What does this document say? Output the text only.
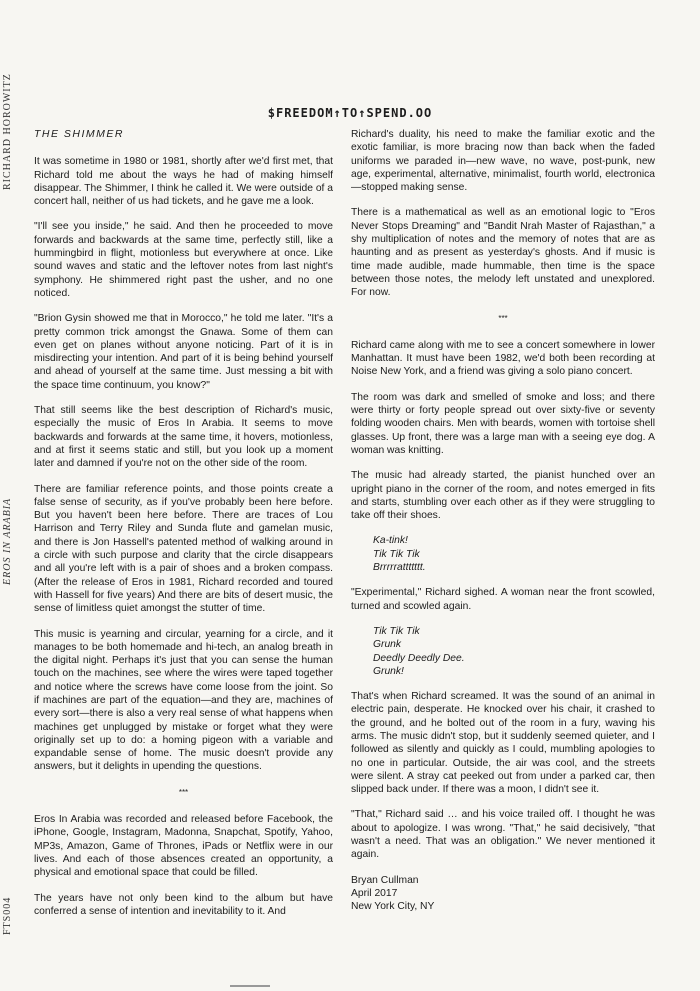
RICHARD HOROWITZ
EROS IN ARABIA
FTS004
$FREEDOM↑TO↑SPEND.OO
THE SHIMMER

It was sometime in 1980 or 1981, shortly after we'd first met, that Richard told me about the ways he had of making himself disappear. The Shimmer, I think he called it. We were outside of a concert hall, neither of us had tickets, and he gave me a look.

"I'll see you inside," he said. And then he proceeded to move forwards and backwards at the same time, perfectly still, like a hummingbird in flight, motionless but everywhere at once. Like sound waves and static and the leftover notes from last night's symphony. He shimmered right past the usher, and no one noticed.

"Brion Gysin showed me that in Morocco," he told me later. "It's a pretty common trick amongst the Gnawa. Some of them can even get on planes without anyone noticing. Part of it is in misdirecting your intention. And part of it is being behind yourself and ahead of yourself at the same time. Just messing a bit with the space time continuum, you know?"

That still seems like the best description of Richard's music, especially the music of Eros In Arabia. It seems to move backwards and forwards at the same time, it hovers, motionless, and at first it seems static and still, but you look up a moment later and damned if you're not on the other side of the room.

There are familiar reference points, and those points create a false sense of security, as if you've probably been here before. But you haven't been here before. There are traces of Lou Harrison and Terry Riley and Sunda flute and gamelan music, and there is Jon Hassell's patented method of walking around in a circle with such purpose and clarity that the circle disappears and all you're left with is a pair of shoes and a broken compass. (After the release of Eros in 1981, Richard recorded and toured with Hassell for five years) And there are bits of desert music, the sense of limitless quiet amongst the stutter of time.

This music is yearning and circular, yearning for a circle, and it manages to be both homemade and hi-tech, an analog breath in the digital night. Perhaps it's just that you can sense the human touch on the machines, see where the wires were taped together and notice where the screws have come loose from the joint. So if machines are part of the equation—and they are, machines of every sort—there is also a very real sense of what happens when machines get unplugged by mistake or forget what they were originally set up to do: a homing pigeon with a variable and expandable sense of home. The music doesn't provide any answers, but it delights in upending the questions.

***

Eros In Arabia was recorded and released before Facebook, the iPhone, Google, Instagram, Madonna, Snapchat, Spotify, Yahoo, MP3s, Amazon, Game of Thrones, iPads or Netflix were in our lives. And each of those absences created an opportunity, a physical and emotional space that could be filled.

The years have not only been kind to the album but have conferred a sense of intention and inevitability to it. And

Richard's duality, his need to make the familiar exotic and the exotic familiar, is more bracing now than back when the faded uniforms we paraded in—new wave, no wave, post-punk, new age, experimental, alternative, minimalist, fourth world, electronica—stopped making sense.

There is a mathematical as well as an emotional logic to "Eros Never Stops Dreaming" and "Bandit Nrah Master of Rajasthan," a shy multiplication of notes and the memory of notes that are as haunting and as present as yesterday's ghosts. And if music is time made audible, made hummable, then time is the space between those notes, the melody left unstated and unexplored. For now.

***

Richard came along with me to see a concert somewhere in lower Manhattan. It must have been 1982, we'd both been recording at Noise New York, and a friend was giving a solo piano concert.

The room was dark and smelled of smoke and loss; and there were thirty or forty people spread out over sixty-five or seventy folding wooden chairs. Men with beards, women with tortoise shell glasses. Up front, there was a large man with a seeing eye dog. A woman was knitting.

The music had already started, the pianist hunched over an upright piano in the corner of the room, and notes emerged in fits and starts, stumbling over each other as if they were struggling to take off their shoes.

Ka-tink!
Tik Tik Tik
Brrrrrattttttt.

"Experimental," Richard sighed. A woman near the front scowled, turned and scowled again.

Tik Tik Tik
Grunk
Deedly Deedly Dee.
Grunk!

That's when Richard screamed. It was the sound of an animal in electric pain, desperate. He knocked over his chair, it crashed to the ground, and he bolted out of the room in a fury, waving his arms. The music didn't stop, but it suddenly seemed quieter, and I followed as silently and quickly as I could, mumbling apologies to no one in particular. Outside, the air was cool, and the streets were silent. A stray cat peeked out from under a parked car, then slipped back under. If there was a moon, I didn't see it.

"That," Richard said … and his voice trailed off. I thought he was about to apologize. I was wrong. "That," he said decisively, "that wasn't a need. That was an obligation." We never mentioned it again.

Bryan Cullman
April 2017
New York City, NY
